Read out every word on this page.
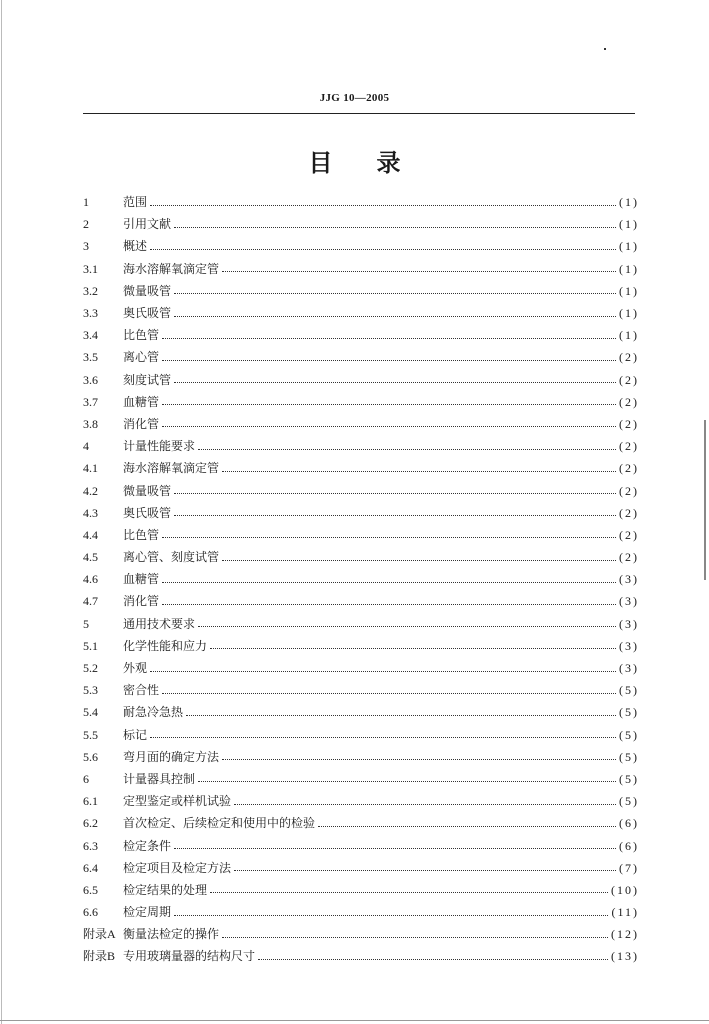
JJG 10—2005
目录
1	范围	(1)
2	引用文献	(1)
3	概述	(1)
3.1	海水溶解氧滴定管	(1)
3.2	微量吸管	(1)
3.3	奥氏吸管	(1)
3.4	比色管	(1)
3.5	离心管	(2)
3.6	刻度试管	(2)
3.7	血糖管	(2)
3.8	消化管	(2)
4	计量性能要求	(2)
4.1	海水溶解氧滴定管	(2)
4.2	微量吸管	(2)
4.3	奥氏吸管	(2)
4.4	比色管	(2)
4.5	离心管、刻度试管	(2)
4.6	血糖管	(3)
4.7	消化管	(3)
5	通用技术要求	(3)
5.1	化学性能和应力	(3)
5.2	外观	(3)
5.3	密合性	(5)
5.4	耐急冷急热	(5)
5.5	标记	(5)
5.6	弯月面的确定方法	(5)
6	计量器具控制	(5)
6.1	定型鉴定或样机试验	(5)
6.2	首次检定、后续检定和使用中的检验	(6)
6.3	检定条件	(6)
6.4	检定项目及检定方法	(7)
6.5	检定结果的处理	(10)
6.6	检定周期	(11)
附录A 衡量法检定的操作	(12)
附录B 专用玻璃量器的结构尺寸	(13)
